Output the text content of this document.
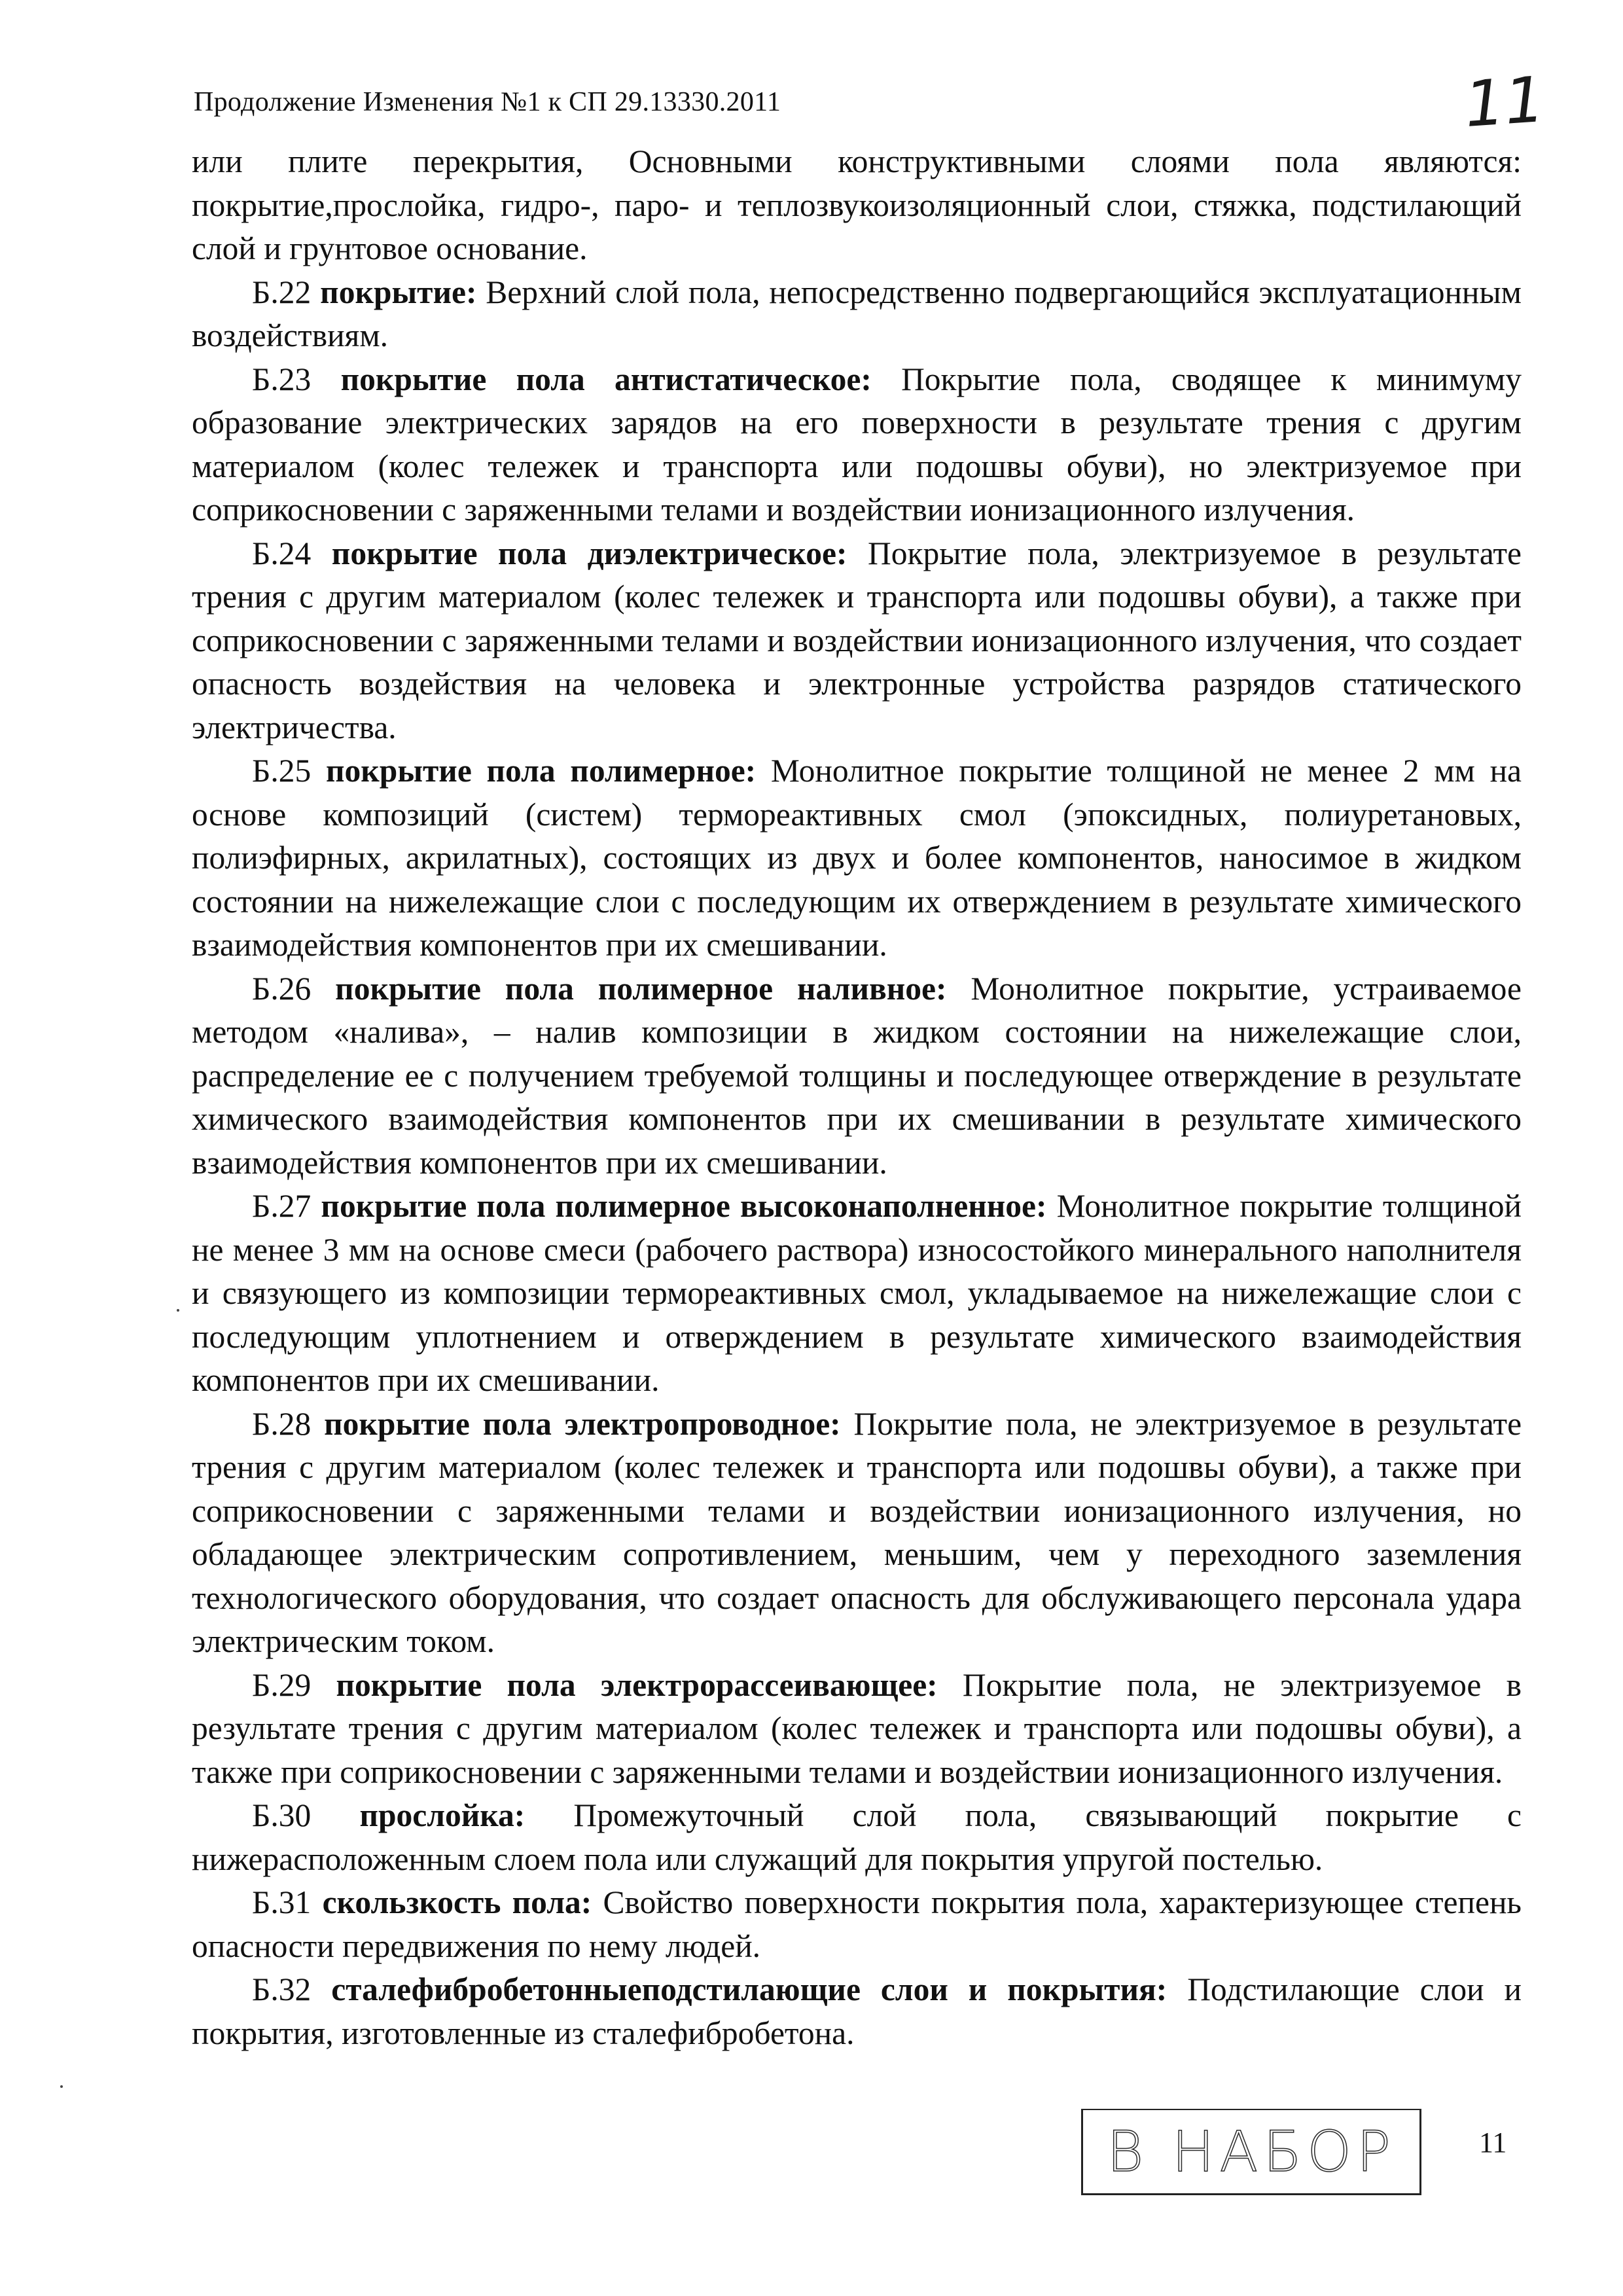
Продолжение Изменения №1 к СП 29.13330.2011	11

или плите перекрытия, Основными конструктивными слоями пола являются: покрытие,прослойка, гидро-, паро- и теплозвукоизоляционный слои, стяжка, подстилающий слой и грунтовое основание.

Б.22 покрытие: Верхний слой пола, непосредственно подвергающийся эксплуатационным воздействиям.

Б.23 покрытие пола антистатическое: Покрытие пола, сводящее к минимуму образование электрических зарядов на его поверхности в результате трения с другим материалом (колес тележек и транспорта или подошвы обуви), но электризуемое при соприкосновении с заряженными телами и воздействии ионизационного излучения.

Б.24 покрытие пола диэлектрическое: Покрытие пола, электризуемое в результате трения с другим материалом (колес тележек и транспорта или подошвы обуви), а также при соприкосновении с заряженными телами и воздействии ионизационного излучения, что создает опасность воздействия на человека и электронные устройства разрядов статического электричества.

Б.25 покрытие пола полимерное: Монолитное покрытие толщиной не менее 2 мм на основе композиций (систем) термореактивных смол (эпоксидных, полиуретановых, полиэфирных, акрилатных), состоящих из двух и более компонентов, наносимое в жидком состоянии на нижележащие слои с последующим их отверждением в результате химического взаимодействия компонентов при их смешивании.

Б.26 покрытие пола полимерное наливное: Монолитное покрытие, устраиваемое методом «налива», – налив композиции в жидком состоянии на нижележащие слои, распределение ее с получением требуемой толщины и последующее отверждение в результате химического взаимодействия компонентов при их смешивании в результате химического взаимодействия компонентов при их смешивании.

Б.27 покрытие пола полимерное высоконаполненное: Монолитное покрытие толщиной не менее 3 мм на основе смеси (рабочего раствора) износостойкого минерального наполнителя и связующего из композиции термореактивных смол, укладываемое на нижележащие слои с последующим уплотнением и отверждением в результате химического взаимодействия компонентов при их смешивании.

Б.28 покрытие пола электропроводное: Покрытие пола, не электризуемое в результате трения с другим материалом (колес тележек и транспорта или подошвы обуви), а также при соприкосновении с заряженными телами и воздействии ионизационного излучения, но обладающее электрическим сопротивлением, меньшим, чем у переходного заземления технологического оборудования, что создает опасность для обслуживающего персонала удара электрическим током.

Б.29 покрытие пола электрорассеивающее: Покрытие пола, не электризуемое в результате трения с другим материалом (колес тележек и транспорта или подошвы обуви), а также при соприкосновении с заряженными телами и воздействии ионизационного излучения.

Б.30 прослойка: Промежуточный слой пола, связывающий покрытие с нижерасположенным слоем пола или служащий для покрытия упругой постелью.

Б.31 скользкость пола: Свойство поверхности покрытия пола, характеризующее степень опасности передвижения по нему людей.

Б.32 сталефибробетонныеподстилающие слои и покрытия: Подстилающие слои и покрытия, изготовленные из сталефибробетона.

В НАБОР	11
